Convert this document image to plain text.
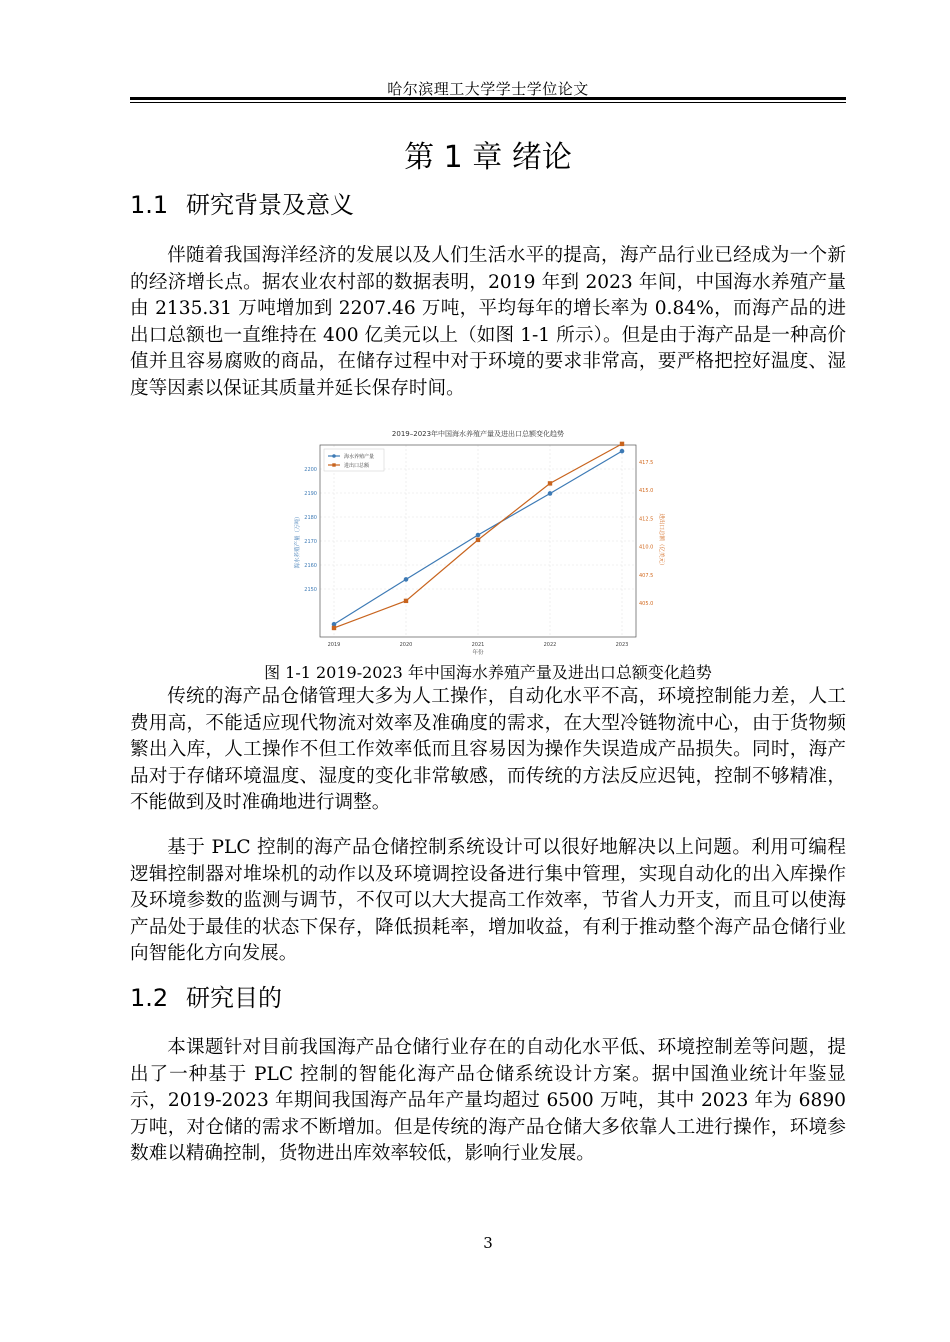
哈尔滨理工大学学士学位论文
第 1 章 绪论
1.1 研究背景及意义

伴随着我国海洋经济的发展以及人们生活水平的提高，海产品行业已经成为一个新的经济增长点。据农业农村部的数据表明，2019 年到 2023 年间，中国海水养殖产量由 2135.31 万吨增加到 2207.46 万吨，平均每年的增长率为 0.84%，而海产品的进出口总额也一直维持在 400 亿美元以上（如图 1-1 所示）。但是由于海产品是一种高价值并且容易腐败的商品，在储存过程中对于环境的要求非常高，要严格把控好温度、湿度等因素以保证其质量并延长保存时间。

2019–2023年中国海水养殖产量及进出口总额变化趋势
2150
2160
2170
2180
2190
2200
405.0
407.5
410.0
412.5
415.0
417.5
2019	2020	2021	2022	2023
年份
海水养殖产量（万吨）	进出口总额（亿美元）
海水养殖产量
进出口总额
图 1-1 2019-2023 年中国海水养殖产量及进出口总额变化趋势

传统的海产品仓储管理大多为人工操作，自动化水平不高，环境控制能力差，人工费用高，不能适应现代物流对效率及准确度的需求，在大型冷链物流中心，由于货物频繁出入库，人工操作不但工作效率低而且容易因为操作失误造成产品损失。同时，海产品对于存储环境温度、湿度的变化非常敏感，而传统的方法反应迟钝，控制不够精准，不能做到及时准确地进行调整。

基于 PLC 控制的海产品仓储控制系统设计可以很好地解决以上问题。利用可编程逻辑控制器对堆垛机的动作以及环境调控设备进行集中管理，实现自动化的出入库操作及环境参数的监测与调节，不仅可以大大提高工作效率，节省人力开支，而且可以使海产品处于最佳的状态下保存，降低损耗率，增加收益，有利于推动整个海产品仓储行业向智能化方向发展。

1.2 研究目的

本课题针对目前我国海产品仓储行业存在的自动化水平低、环境控制差等问题，提出了一种基于 PLC 控制的智能化海产品仓储系统设计方案。据中国渔业统计年鉴显示，2019-2023 年期间我国海产品年产量均超过 6500 万吨，其中 2023 年为 6890 万吨，对仓储的需求不断增加。但是传统的海产品仓储大多依靠人工进行操作，环境参数难以精确控制，货物进出库效率较低，影响行业发展。

3
